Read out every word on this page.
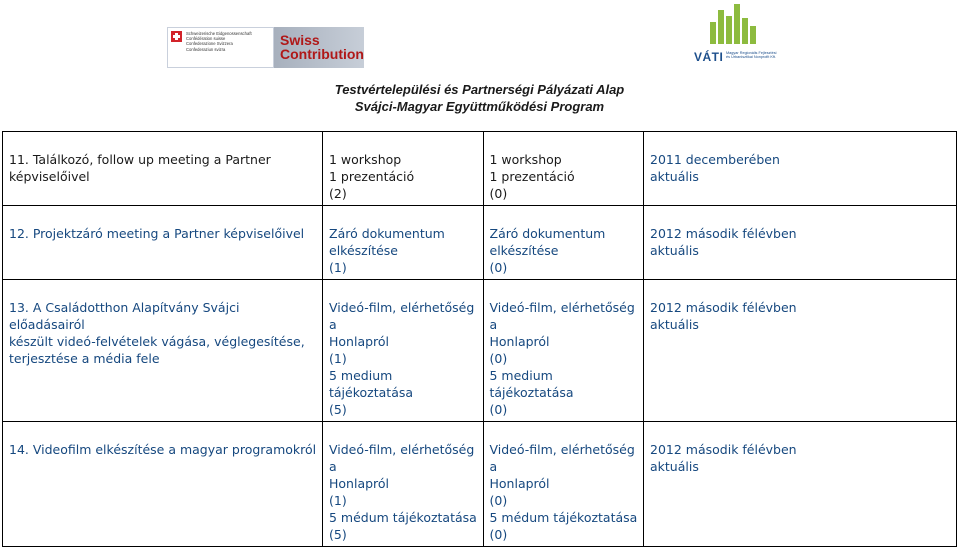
Schweizerische Eidgenossenschaft
Confédération suisse
Confederazione Svizzera
Confederaziun svizra
Swiss
Contribution	VÁTI Magyar Regionális Fejlesztési
és Urbanisztikai Nonprofit Kft.
Testvértelepülési és Partnerségi Pályázati Alap
Svájci-Magyar Együttműködési Program
11. Találkozó, follow up meeting a Partner
képviselőivel	1 workshop
1 prezentáció
(2)	1 workshop
1 prezentáció
(0)	2011 decemberében
aktuális

12. Projektzáró meeting a Partner képviselőivel	Záró dokumentum
elkészítése
(1)	Záró dokumentum
elkészítése
(0)	2012 második félévben
aktuális

13. A Családotthon Alapítvány Svájci előadásairól
készült videó-felvételek vágása, véglegesítése,
terjesztése a média fele	Videó-film, elérhetőség a
Honlapról
(1)
5 medium tájékoztatása
(5)	Videó-film, elérhetőség a
Honlapról
(0)
5 medium tájékoztatása
(0)	2012 második félévben
aktuális

14. Videofilm elkészítése a magyar programokról	Videó-film, elérhetőség a
Honlapról
(1)
5 médum tájékoztatása
(5)	Videó-film, elérhetőség a
Honlapról
(0)
5 médum tájékoztatása
(0)	2012 második félévben
aktuális
